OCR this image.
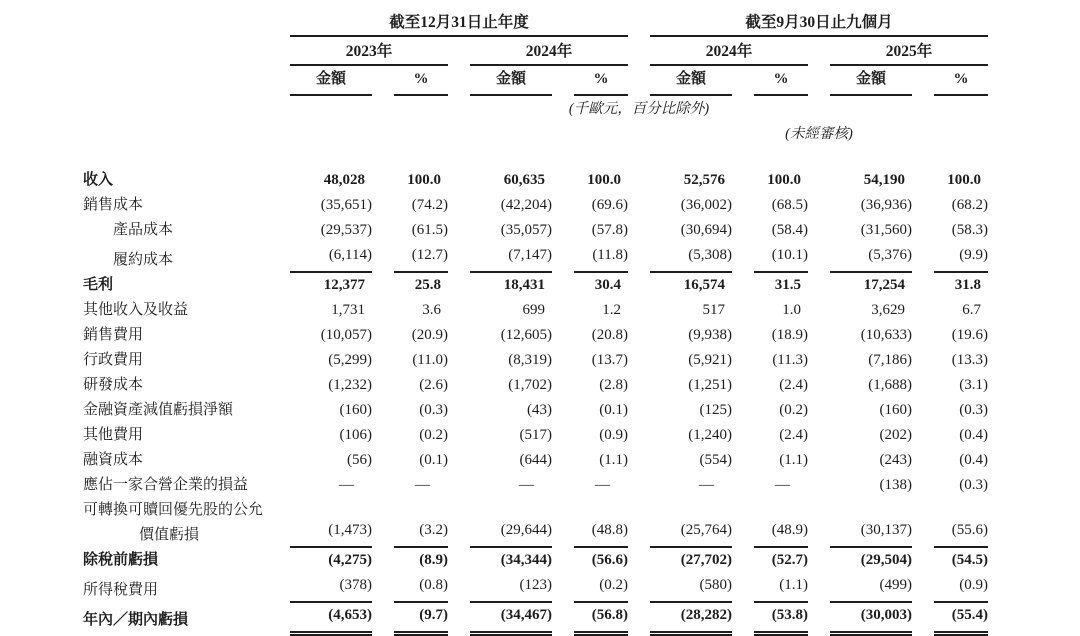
	截至12月31日止年度				截至9月30日止九個月			
	2023年		2024年		2024年		2025年	
	金額	%	金額	%	金額	%	金額	%
	(千歐元，百分比除外)							
					(未經審核)			

收入	48,028	100.0	60,635	100.0	52,576	100.0	54,190	100.0

銷售成本	(35,651)	(74.2)	(42,204)	(69.6)	(36,002)	(68.5)	(36,936)	(68.2)

產品成本	(29,537)	(61.5)	(35,057)	(57.8)	(30,694)	(58.4)	(31,560)	(58.3)

履約成本	(6,114)	(12.7)	(7,147)	(11.8)	(5,308)	(10.1)	(5,376)	(9.9)

毛利	12,377	25.8	18,431	30.4	16,574	31.5	17,254	31.8

其他收入及收益	1,731	3.6	699	1.2	517	1.0	3,629	6.7

銷售費用	(10,057)	(20.9)	(12,605)	(20.8)	(9,938)	(18.9)	(10,633)	(19.6)

行政費用	(5,299)	(11.0)	(8,319)	(13.7)	(5,921)	(11.3)	(7,186)	(13.3)

研發成本	(1,232)	(2.6)	(1,702)	(2.8)	(1,251)	(2.4)	(1,688)	(3.1)

金融資產減值虧損淨額	(160)	(0.3)	(43)	(0.1)	(125)	(0.2)	(160)	(0.3)

其他費用	(106)	(0.2)	(517)	(0.9)	(1,240)	(2.4)	(202)	(0.4)

融資成本	(56)	(0.1)	(644)	(1.1)	(554)	(1.1)	(243)	(0.4)

應佔一家合營企業的損益	—	—	—	—	—	—	(138)	(0.3)

可轉換可贖回優先股的公允
價值虧損	(1,473)	(3.2)	(29,644)	(48.8)	(25,764)	(48.9)	(30,137)	(55.6)

除稅前虧損	(4,275)	(8.9)	(34,344)	(56.6)	(27,702)	(52.7)	(29,504)	(54.5)

所得稅費用	(378)	(0.8)	(123)	(0.2)	(580)	(1.1)	(499)	(0.9)

年內／期內虧損	(4,653)	(9.7)	(34,467)	(56.8)	(28,282)	(53.8)	(30,003)	(55.4)
